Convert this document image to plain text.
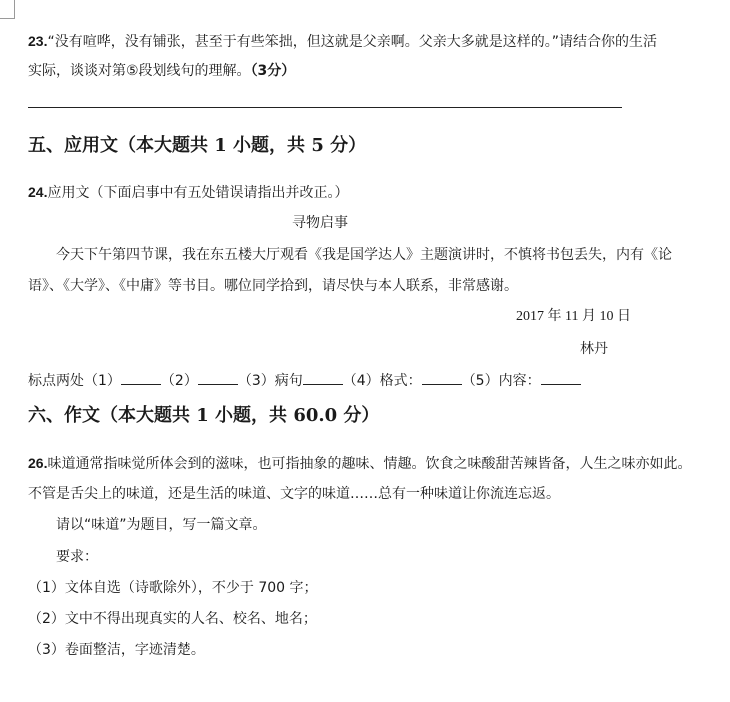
23.“没有喧哗，没有铺张，甚至于有些笨拙，但这就是父亲啊。父亲大多就是这样的。”请结合你的生活
实际，谈谈对第⑤段划线句的理解。（3分）
五、应用文（本大题共 1 小题，共 5 分）
24.应用文（下面启事中有五处错误请指出并改正。）
寻物启事
今天下午第四节课，我在东五楼大厅观看《我是国学达人》主题演讲时，不慎将书包丢失，内有《论
语》、《大学》、《中庸》等书目。哪位同学拾到，请尽快与本人联系，非常感谢。
2017 年 11 月 10 日
林丹
标点两处（1）	（2）	（3）病句	（4）格式：	（5）内容：
六、作文（本大题共 1 小题，共 60.0 分）
26.味道通常指味觉所体会到的滋味，也可指抽象的趣味、情趣。饮食之味酸甜苦辣皆备，人生之味亦如此。
不管是舌尖上的味道，还是生活的味道、文字的味道……总有一种味道让你流连忘返。
请以“味道”为题目，写一篇文章。
要求：
（1）文体自选（诗歌除外），不少于 700 字；
（2）文中不得出现真实的人名、校名、地名；
（3）卷面整洁，字迹清楚。
